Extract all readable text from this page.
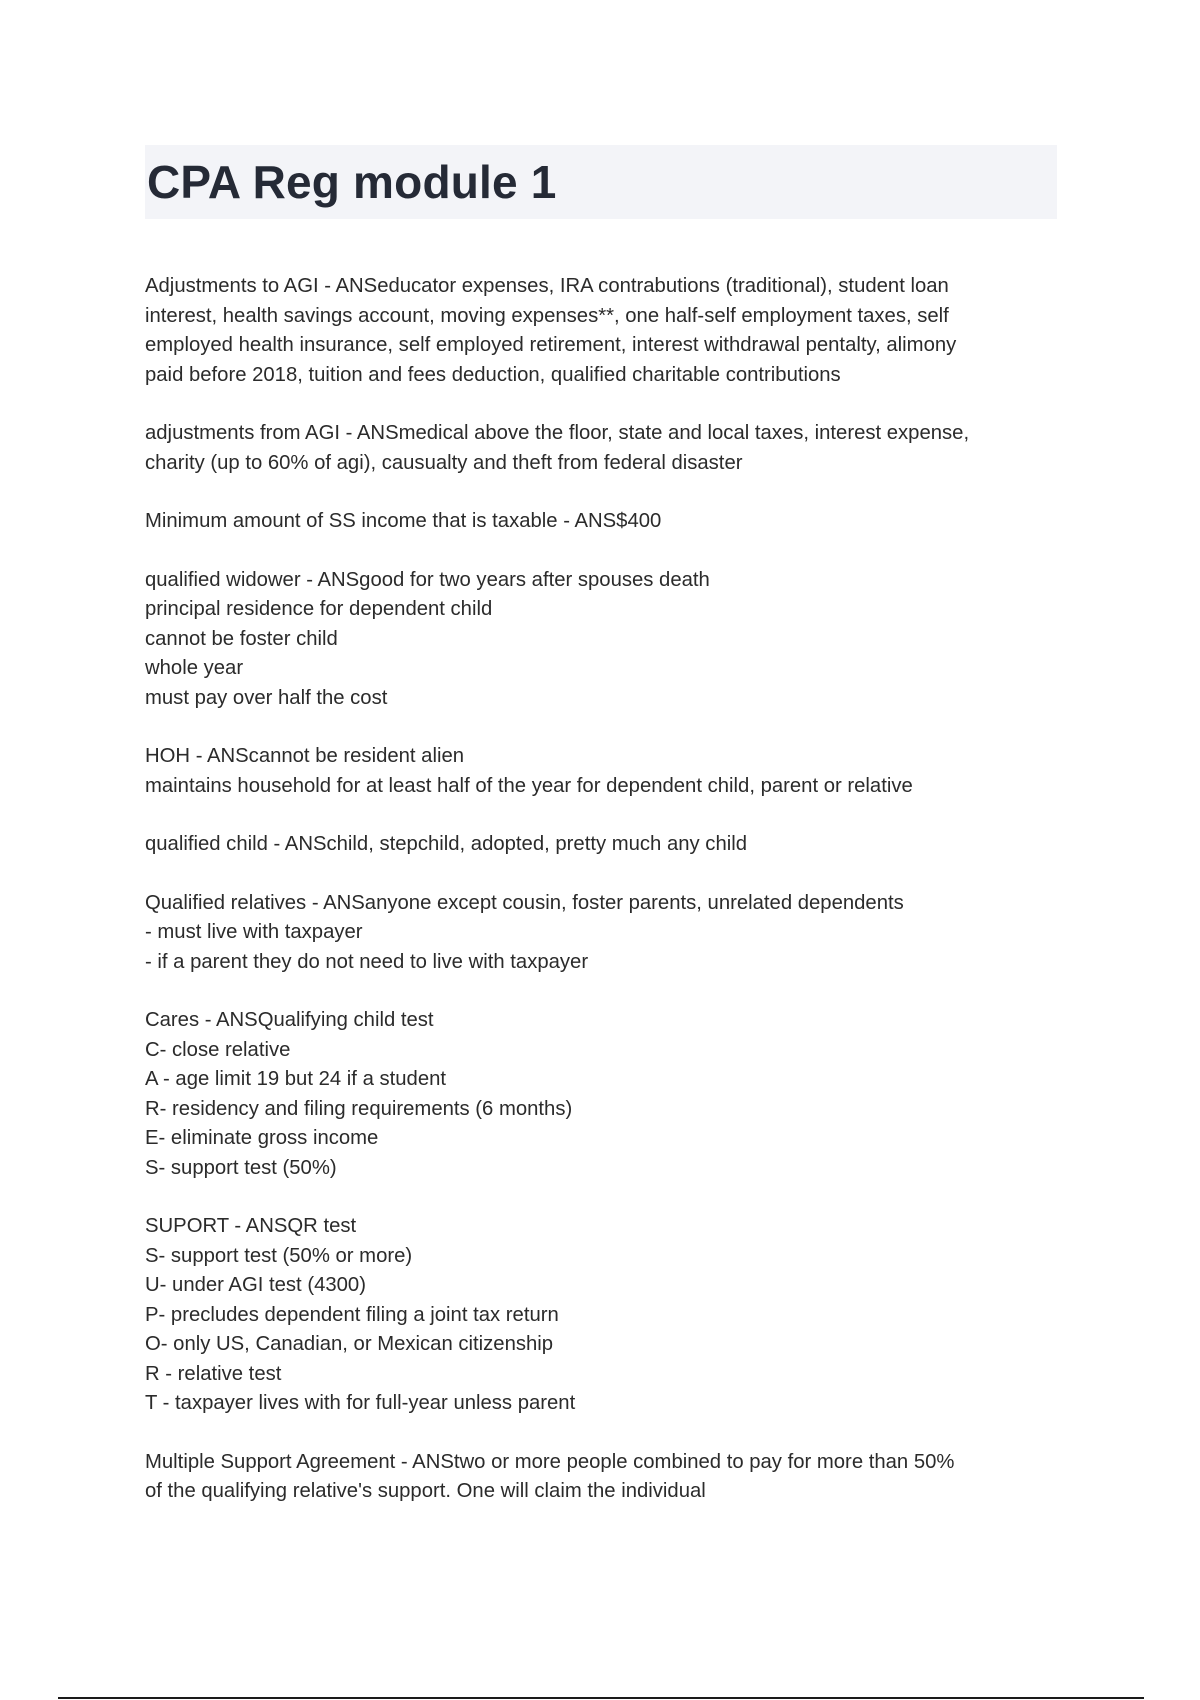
CPA Reg module 1
Adjustments to AGI - ANSeducator expenses, IRA contrabutions (traditional), student loan
interest, health savings account, moving expenses**, one half-self employment taxes, self
employed health insurance, self employed retirement, interest withdrawal pentalty, alimony
paid before 2018, tuition and fees deduction, qualified charitable contributions
adjustments from AGI - ANSmedical above the floor, state and local taxes, interest expense,
charity (up to 60% of agi), causualty and theft from federal disaster
Minimum amount of SS income that is taxable - ANS$400
qualified widower - ANSgood for two years after spouses death
principal residence for dependent child
cannot be foster child
whole year
must pay over half the cost
HOH - ANScannot be resident alien
maintains household for at least half of the year for dependent child, parent or relative
qualified child - ANSchild, stepchild, adopted, pretty much any child
Qualified relatives - ANSanyone except cousin, foster parents, unrelated dependents
- must live with taxpayer
- if a parent they do not need to live with taxpayer
Cares - ANSQualifying child test
C- close relative
A - age limit 19 but 24 if a student
R- residency and filing requirements (6 months)
E- eliminate gross income
S- support test (50%)
SUPORT - ANSQR test
S- support test (50% or more)
U- under AGI test (4300)
P- precludes dependent filing a joint tax return
O- only US, Canadian, or Mexican citizenship
R - relative test
T - taxpayer lives with for full-year unless parent
Multiple Support Agreement - ANStwo or more people combined to pay for more than 50%
of the qualifying relative's support. One will claim the individual
